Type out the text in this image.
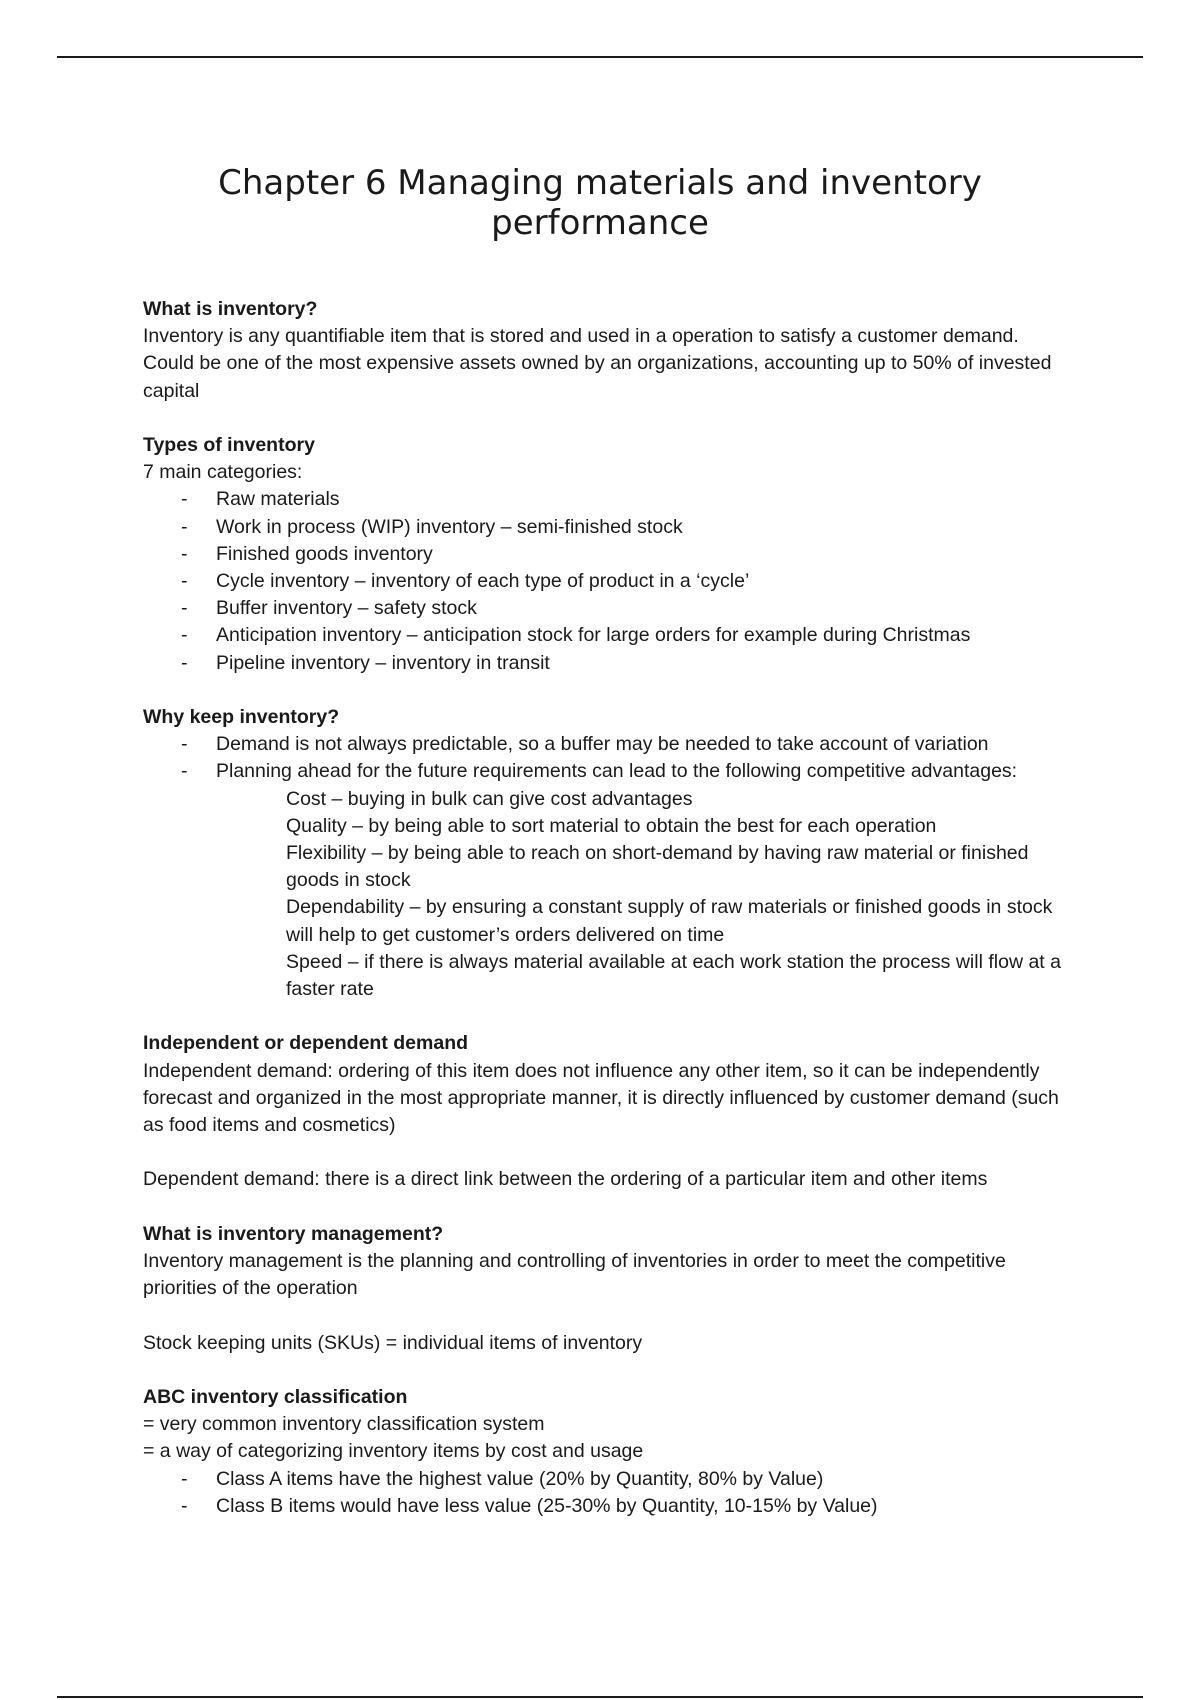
Chapter 6 Managing materials and inventory
performance

What is inventory?

Inventory is any quantifiable item that is stored and used in a operation to satisfy a customer demand. Could be one of the most expensive assets owned by an organizations, accounting up to 50% of invested capital

Types of inventory

7 main categories:

- Raw materials
- Work in process (WIP) inventory – semi-finished stock
- Finished goods inventory
- Cycle inventory – inventory of each type of product in a ‘cycle’
- Buffer inventory – safety stock
- Anticipation inventory – anticipation stock for large orders for example during Christmas
- Pipeline inventory – inventory in transit

Why keep inventory?

- Demand is not always predictable, so a buffer may be needed to take account of variation
- Planning ahead for the future requirements can lead to the following competitive advantages:

Cost – buying in bulk can give cost advantages

Quality – by being able to sort material to obtain the best for each operation

Flexibility – by being able to reach on short-demand by having raw material or finished goods in stock

Dependability – by ensuring a constant supply of raw materials or finished goods in stock will help to get customer’s orders delivered on time

Speed – if there is always material available at each work station the process will flow at a faster rate

Independent or dependent demand

Independent demand: ordering of this item does not influence any other item, so it can be independently forecast and organized in the most appropriate manner, it is directly influenced by customer demand (such as food items and cosmetics)

Dependent demand: there is a direct link between the ordering of a particular item and other items

What is inventory management?

Inventory management is the planning and controlling of inventories in order to meet the competitive priorities of the operation

Stock keeping units (SKUs) = individual items of inventory

ABC inventory classification

= very common inventory classification system

= a way of categorizing inventory items by cost and usage

- Class A items have the highest value (20% by Quantity, 80% by Value)
- Class B items would have less value (25-30% by Quantity, 10-15% by Value)
